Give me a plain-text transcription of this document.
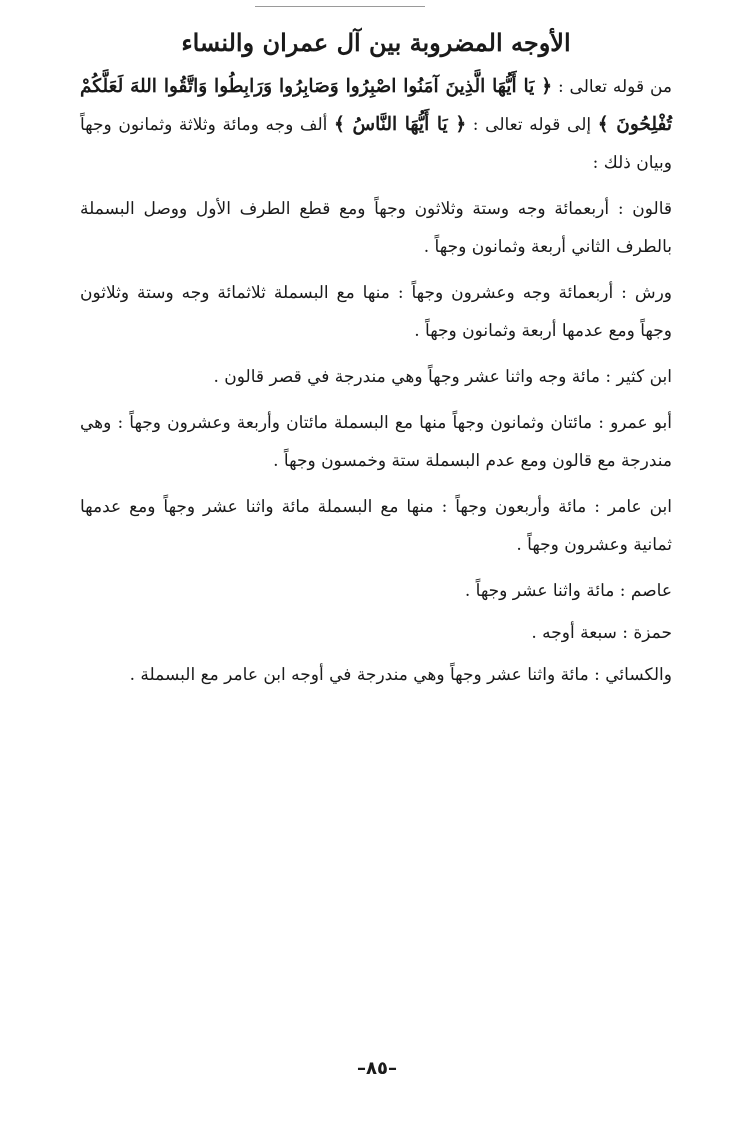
الأوجه المضروبة بين آل عمران والنساء

من قوله تعالى : ﴿ يَا أَيُّهَا الَّذِينَ آمَنُوا اصْبِرُوا وَصَابِرُوا وَرَابِطُوا وَاتَّقُوا اللهَ لَعَلَّكُمْ تُفْلِحُونَ ﴾ إلى قوله تعالى : ﴿ يَا أَيُّهَا النَّاسُ ﴾ ألف وجه ومائة وثلاثة وثمانون وجهاً وبيان ذلك :

قالون : أربعمائة وجه وستة وثلاثون وجهاً ومع قطع الطرف الأول ووصل البسملة بالطرف الثاني أربعة وثمانون وجهاً .

ورش : أربعمائة وجه وعشرون وجهاً : منها مع البسملة ثلاثمائة وجه وستة وثلاثون وجهاً ومع عدمها أربعة وثمانون وجهاً .

ابن كثير : مائة وجه واثنا عشر وجهاً وهي مندرجة في قصر قالون .

أبو عمرو : مائتان وثمانون وجهاً منها مع البسملة مائتان وأربعة وعشرون وجهاً : وهي مندرجة مع قالون ومع عدم البسملة ستة وخمسون وجهاً .

ابن عامر : مائة وأربعون وجهاً : منها مع البسملة مائة واثنا عشر وجهاً ومع عدمها ثمانية وعشرون وجهاً .

عاصم : مائة واثنا عشر وجهاً .

حمزة : سبعة أوجه .

والكسائي : مائة واثنا عشر وجهاً وهي مندرجة في أوجه ابن عامر مع البسملة .

–٨٥–
